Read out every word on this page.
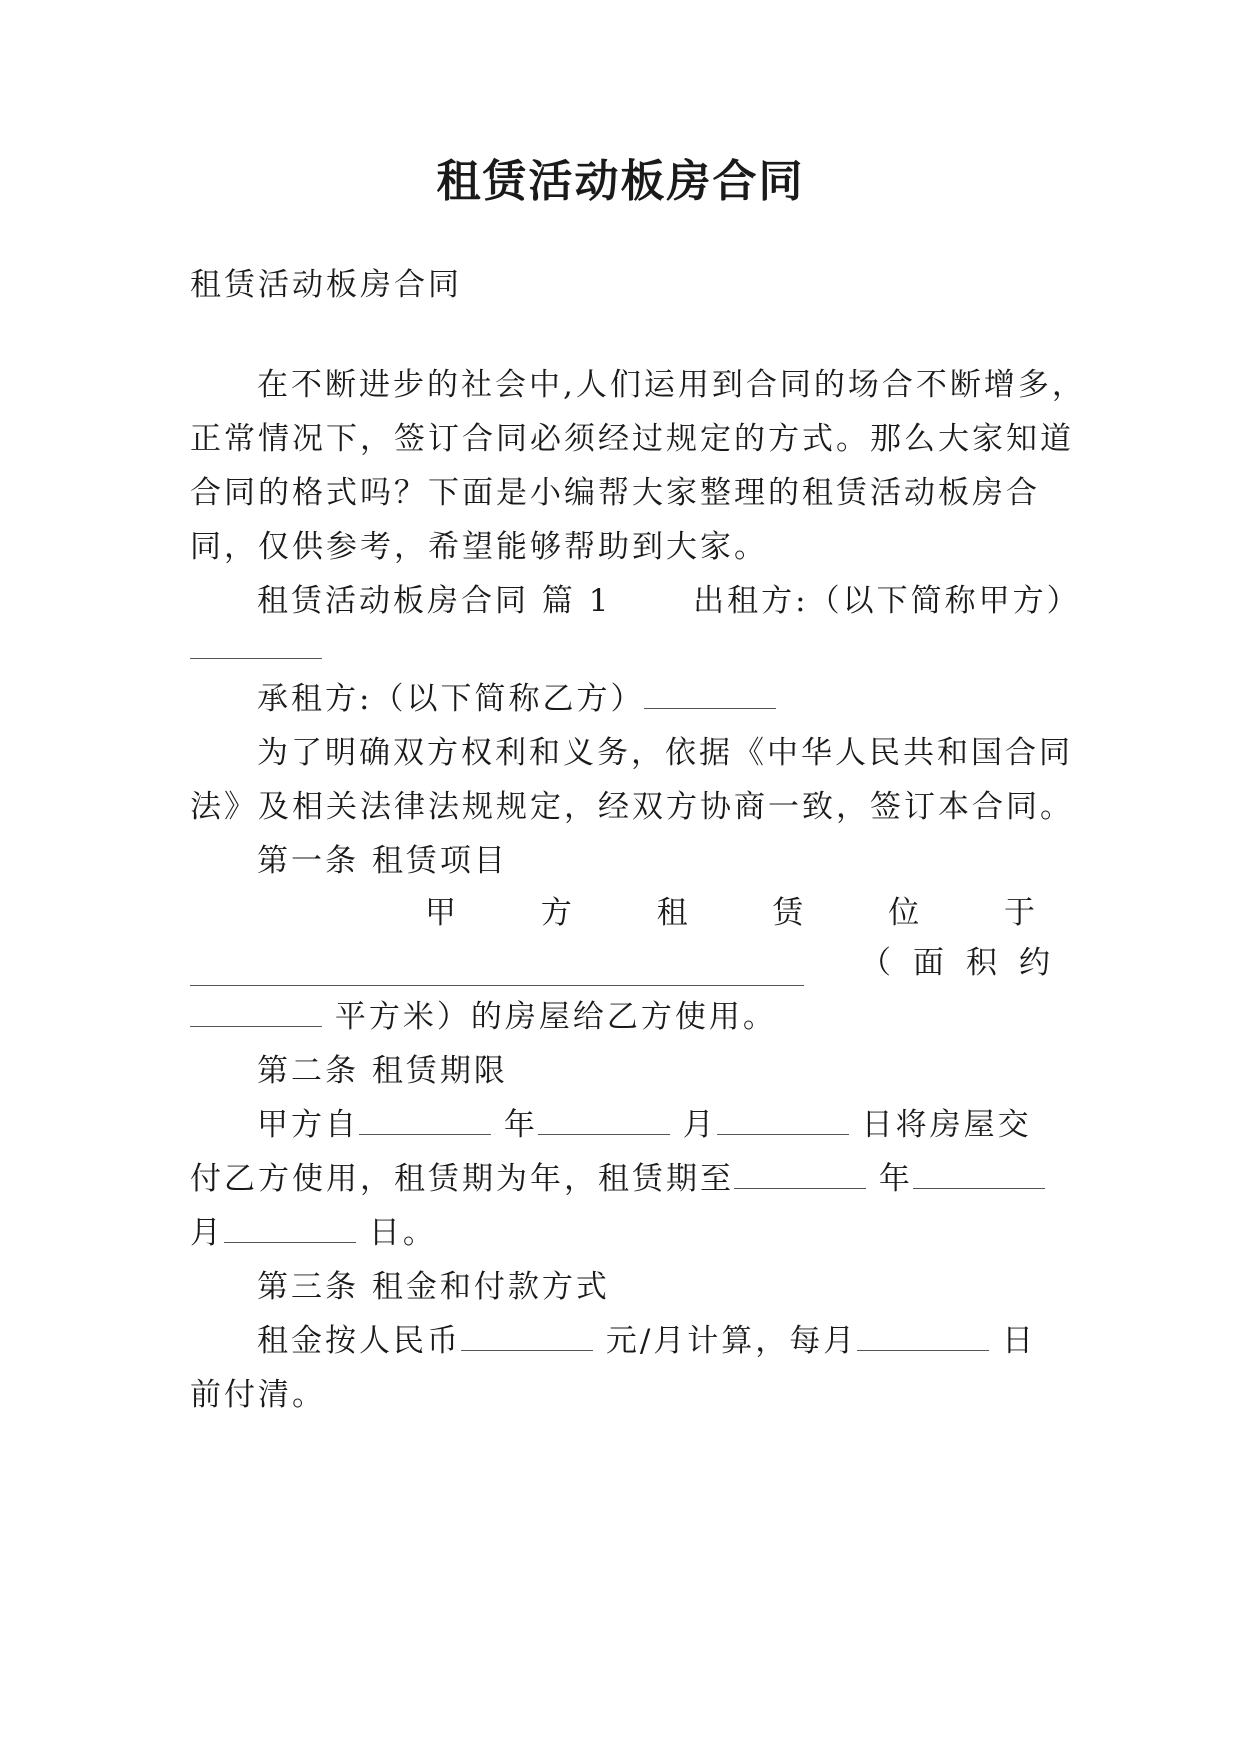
租赁活动板房合同
租赁活动板房合同
在不断进步的社会中,人们运用到合同的场合不断增多，
正常情况下，签订合同必须经过规定的方式。那么大家知道
合同的格式吗？下面是小编帮大家整理的租赁活动板房合
同，仅供参考，希望能够帮助到大家。
租赁活动板房合同 篇 1	出租方:（以下简称甲方）
承租方:（以下简称乙方）
为了明确双方权利和义务，依据《中华人民共和国合同
法》及相关法律法规规定，经双方协商一致，签订本合同。
第一条 租赁项目
甲	方	租	赁	位	于
（ 面 积 约
平方米）的房屋给乙方使用。
第二条 租赁期限
甲方自	年	月	日将房屋交
付乙方使用，租赁期为年，租赁期至	年
月	日。
第三条 租金和付款方式
租金按人民币	元/月计算，每月	日
前付清。
